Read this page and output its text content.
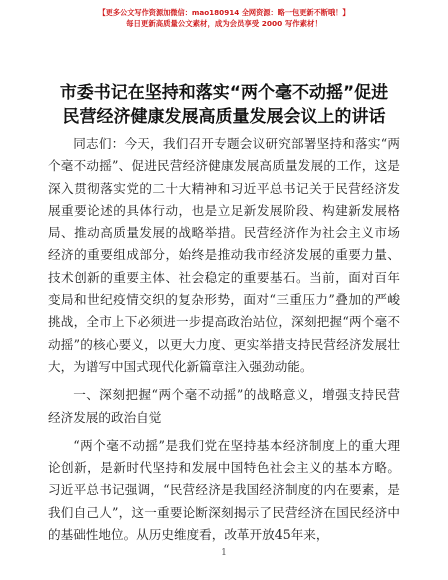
【更多公文写作资源加微信：mao180914 全网资源：略一包更新不断哦！】
每日更新高质量公文素材，成为会员享受 2000 写作素材！
市委书记在坚持和落实“两个毫不动摇”促进
民营经济健康发展高质量发展会议上的讲话

同志们：今天，我们召开专题会议研究部署坚持和落实“两个毫不动摇”、促进民营经济健康发展高质量发展的工作，这是深入贯彻落实党的二十大精神和习近平总书记关于民营经济发展重要论述的具体行动，也是立足新发展阶段、构建新发展格局、推动高质量发展的战略举措。民营经济作为社会主义市场经济的重要组成部分，始终是推动我市经济发展的重要力量、技术创新的重要主体、社会稳定的重要基石。当前，面对百年变局和世纪疫情交织的复杂形势，面对“三重压力”叠加的严峻挑战，全市上下必须进一步提高政治站位，深刻把握“两个毫不动摇”的核心要义，以更大力度、更实举措支持民营经济发展壮大，为谱写中国式现代化新篇章注入强劲动能。

一、深刻把握“两个毫不动摇”的战略意义，增强支持民营经济发展的政治自觉

“两个毫不动摇”是我们党在坚持基本经济制度上的重大理论创新，是新时代坚持和发展中国特色社会主义的基本方略。习近平总书记强调，“民营经济是我国经济制度的内在要素，是我们自己人”，这一重要论断深刻揭示了民营经济在国民经济中的基础性地位。从历史维度看，改革开放45年来，

1
